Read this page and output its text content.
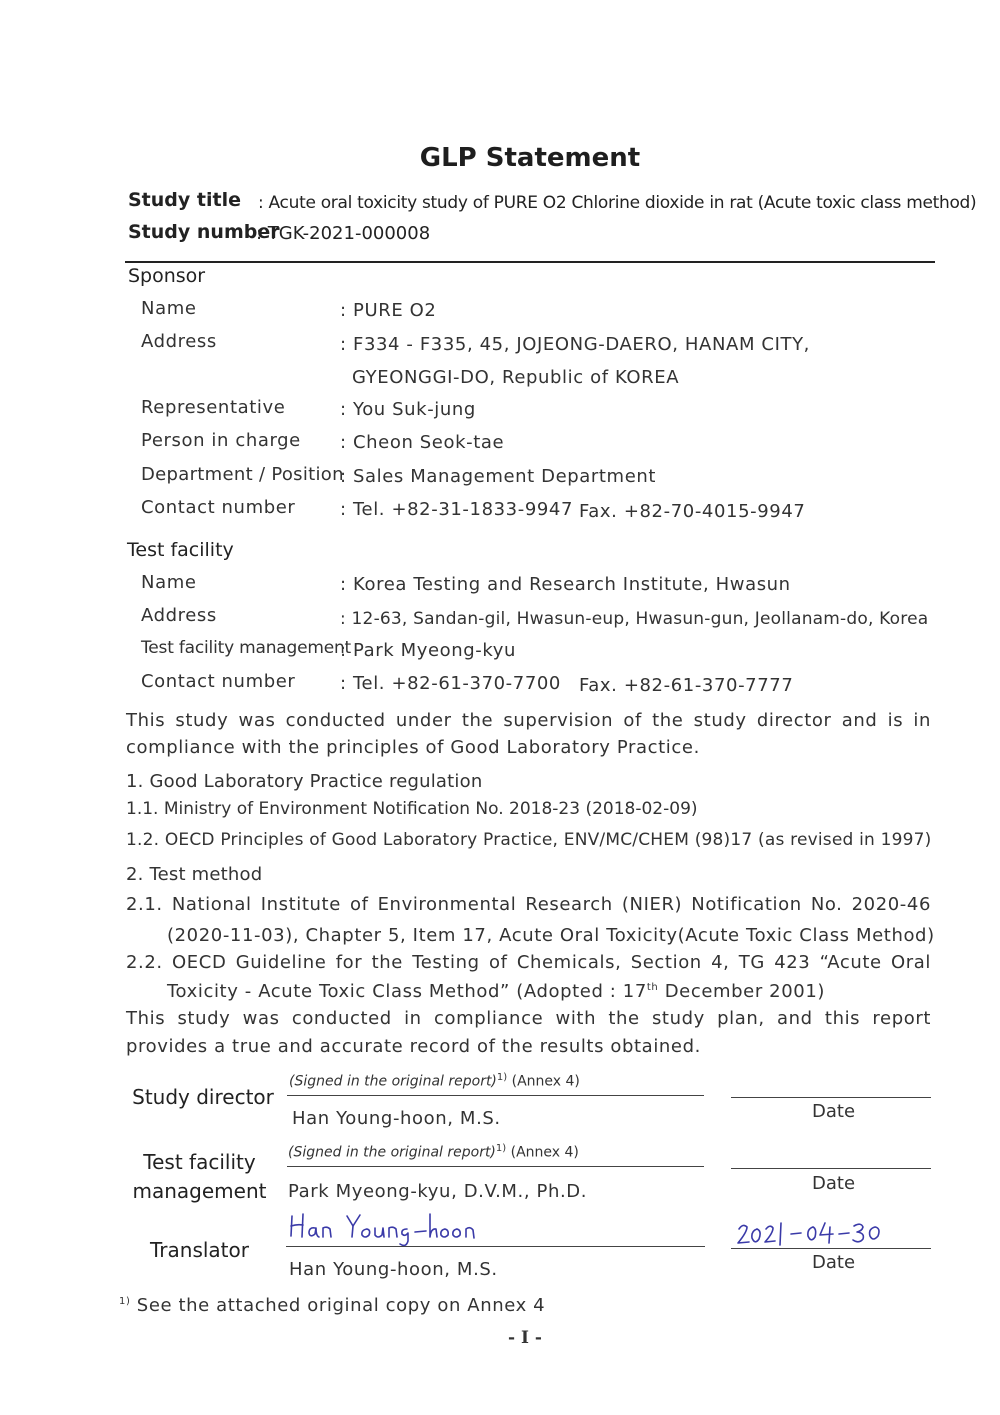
GLP Statement
Study title : Acute oral toxicity study of PURE O2 Chlorine dioxide in rat (Acute toxic class method)
Study number
: TGK-2021-000008
Sponsor
Name	: PURE O2
Address	: F334 - F335, 45, JOJEONG-DAERO, HANAM CITY,
GYEONGGI-DO, Republic of KOREA
Representative	: You Suk-jung
Person in charge : Cheon Seok-tae
Department / Position
: Sales Management Department
Contact number : Tel. +82-31-1833-9947 Fax. +82-70-4015-9947
Test facility
Name	: Korea Testing and Research Institute, Hwasun
Address	: 12-63, Sandan-gil, Hwasun-eup, Hwasun-gun, Jeollanam-do, Korea
Test facility management
: Park Myeong-kyu
Contact number : Tel. +82-61-370-7700 Fax. +82-61-370-7777
This study was conducted under the supervision of the study director and is in
compliance with the principles of Good Laboratory Practice.
1. Good Laboratory Practice regulation
1.1. Ministry of Environment Notification No. 2018-23 (2018-02-09)
1.2. OECD Principles of Good Laboratory Practice, ENV/MC/CHEM (98)17 (as revised in 1997)
2. Test method
2.1. National Institute of Environmental Research (NIER) Notification No. 2020-46
(2020-11-03), Chapter 5, Item 17, Acute Oral Toxicity(Acute Toxic Class Method)
2.2. OECD Guideline for the Testing of Chemicals, Section 4, TG 423 “Acute Oral
Toxicity - Acute Toxic Class Method” (Adopted : 17th December 2001)
This study was conducted in compliance with the study plan, and this report
provides a true and accurate record of the results obtained.
Study director
(Signed in the original report)$^{1)}$ (Annex 4)
Han Young-hoon, M.S.	Date
Test facility
management
(Signed in the original report)$^{1)}$ (Annex 4)
Park Myeong-kyu, D.V.M., Ph.D.	Date
Translator
Han Young-hoon, M.S.	Date
$^{1)}$ See the attached original copy on Annex 4
- I -
